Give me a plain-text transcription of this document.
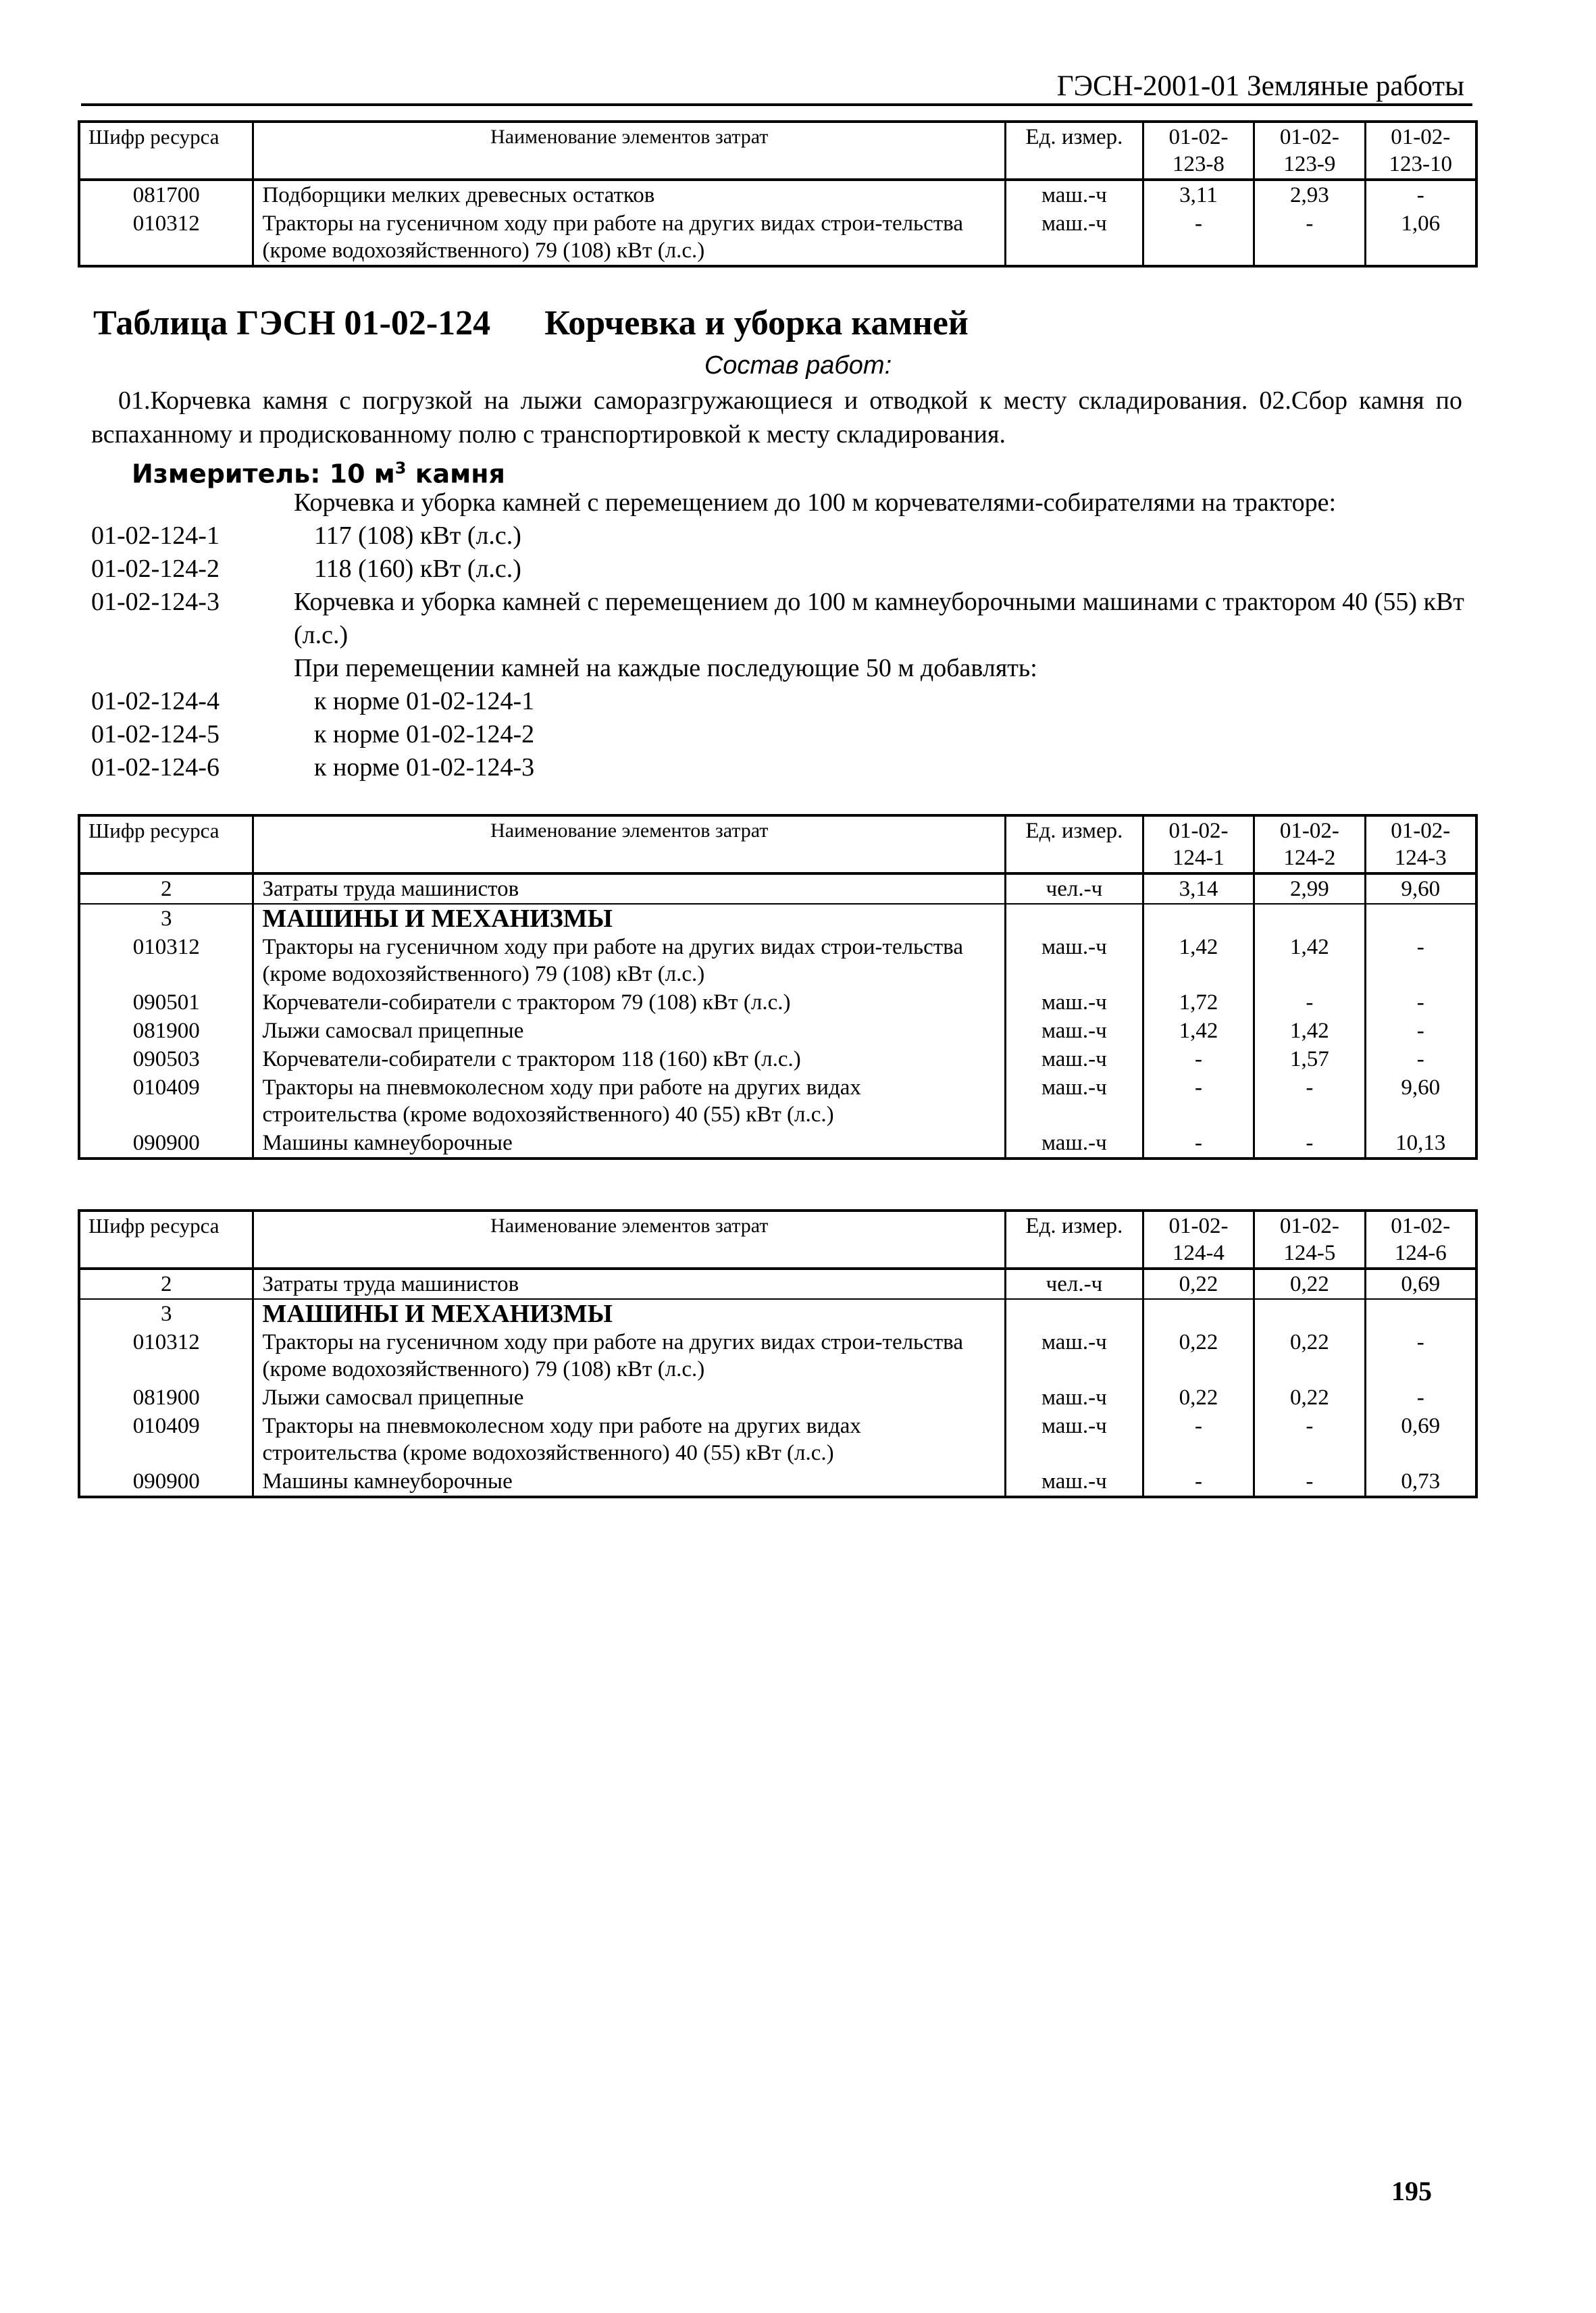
ГЭСН-2001-01 Земляные работы
Шифр ресурса	Наименование элементов затрат	Ед. измер.	01-02-123-8	01-02-123-9	01-02-123-10
081700	Подборщики мелких древесных остатков	маш.-ч	3,11	2,93	-
010312	Тракторы на гусеничном ходу при работе на других видах строи-тельства (кроме водохозяйственного) 79 (108) кВт (л.с.)	маш.-ч	-	-	1,06
Таблица ГЭСН 01-02-124 Корчевка и уборка камней
Состав работ:
01.Корчевка камня с погрузкой на лыжи саморазгружающиеся и отводкой к месту складирования. 02.Сбор камня по вспаханному и продискованному полю с транспортировкой к месту складирования.
Измеритель: 10 $м^3$ камня
Корчевка и уборка камней с перемещением до 100 м корчевателями-собирателями на тракторе:
01-02-124-1	117 (108) кВт (л.с.)
01-02-124-2	118 (160) кВт (л.с.)
01-02-124-3	Корчевка и уборка камней с перемещением до 100 м камнеуборочными машинами с трактором 40 (55) кВт (л.с.)
При перемещении камней на каждые последующие 50 м добавлять:
01-02-124-4	к норме 01-02-124-1
01-02-124-5	к норме 01-02-124-2
01-02-124-6	к норме 01-02-124-3
Шифр ресурса	Наименование элементов затрат	Ед. измер.	01-02-124-1	01-02-124-2	01-02-124-3
2	Затраты труда машинистов	чел.-ч	3,14	2,99	9,60
3	МАШИНЫ И МЕХАНИЗМЫ				
010312	Тракторы на гусеничном ходу при работе на других видах строи-тельства (кроме водохозяйственного) 79 (108) кВт (л.с.)	маш.-ч	1,42	1,42	-
090501	Корчеватели-собиратели с трактором 79 (108) кВт (л.с.)	маш.-ч	1,72	-	-
081900	Лыжи самосвал прицепные	маш.-ч	1,42	1,42	-
090503	Корчеватели-собиратели с трактором 118 (160) кВт (л.с.)	маш.-ч	-	1,57	-
010409	Тракторы на пневмоколесном ходу при работе на других видах строительства (кроме водохозяйственного) 40 (55) кВт (л.с.)	маш.-ч	-	-	9,60
090900	Машины камнеуборочные	маш.-ч	-	-	10,13
Шифр ресурса	Наименование элементов затрат	Ед. измер.	01-02-124-4	01-02-124-5	01-02-124-6
2	Затраты труда машинистов	чел.-ч	0,22	0,22	0,69
3	МАШИНЫ И МЕХАНИЗМЫ				
010312	Тракторы на гусеничном ходу при работе на других видах строи-тельства (кроме водохозяйственного) 79 (108) кВт (л.с.)	маш.-ч	0,22	0,22	-
081900	Лыжи самосвал прицепные	маш.-ч	0,22	0,22	-
010409	Тракторы на пневмоколесном ходу при работе на других видах строительства (кроме водохозяйственного) 40 (55) кВт (л.с.)	маш.-ч	-	-	0,69
090900	Машины камнеуборочные	маш.-ч	-	-	0,73
195
